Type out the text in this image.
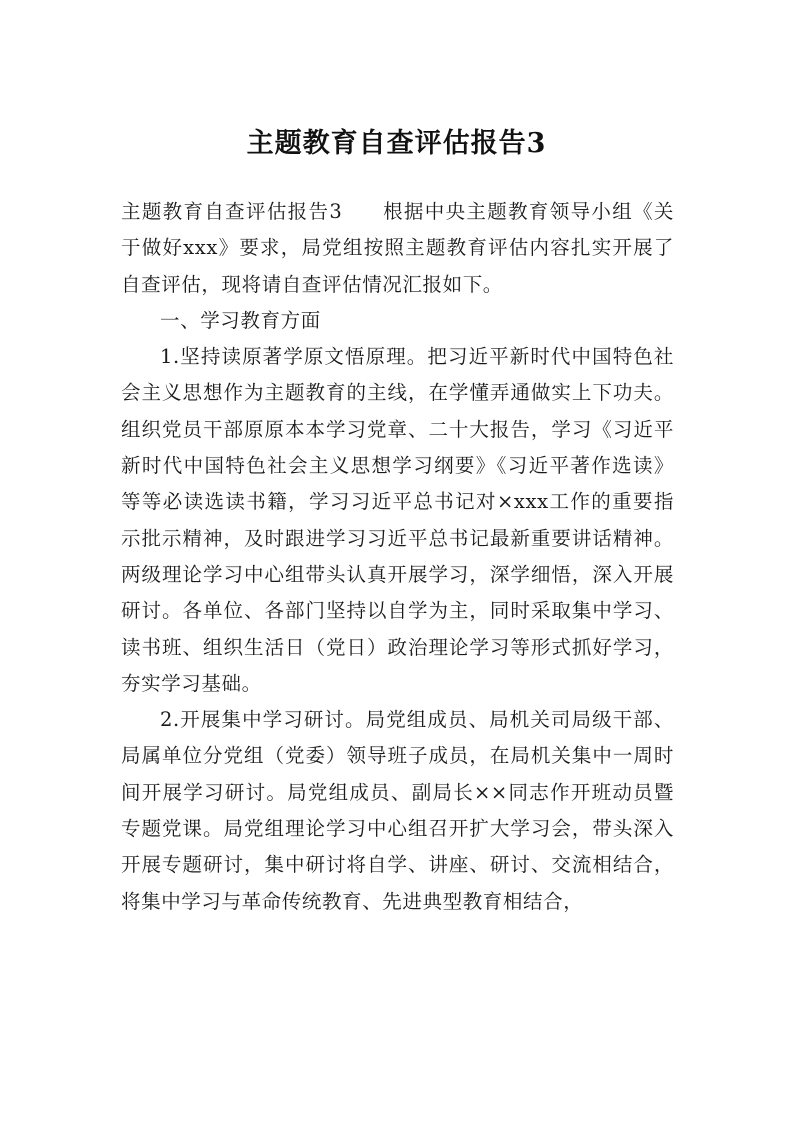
主题教育自查评估报告3

主题教育自查评估报告3 根据中央主题教育领导小组《关于做好xxx》要求，局党组按照主题教育评估内容扎实开展了自查评估，现将请自查评估情况汇报如下。

一、学习教育方面

1.坚持读原著学原文悟原理。把习近平新时代中国特色社会主义思想作为主题教育的主线，在学懂弄通做实上下功夫。组织党员干部原原本本学习党章、二十大报告，学习《习近平新时代中国特色社会主义思想学习纲要》《习近平著作选读》等等必读选读书籍，学习习近平总书记对×xxx工作的重要指示批示精神，及时跟进学习习近平总书记最新重要讲话精神。两级理论学习中心组带头认真开展学习，深学细悟，深入开展研讨。各单位、各部门坚持以自学为主，同时采取集中学习、读书班、组织生活日（党日）政治理论学习等形式抓好学习，夯实学习基础。

2.开展集中学习研讨。局党组成员、局机关司局级干部、局属单位分党组（党委）领导班子成员，在局机关集中一周时间开展学习研讨。局党组成员、副局长××同志作开班动员暨专题党课。局党组理论学习中心组召开扩大学习会，带头深入开展专题研讨，集中研讨将自学、讲座、研讨、交流相结合，将集中学习与革命传统教育、先进典型教育相结合，
